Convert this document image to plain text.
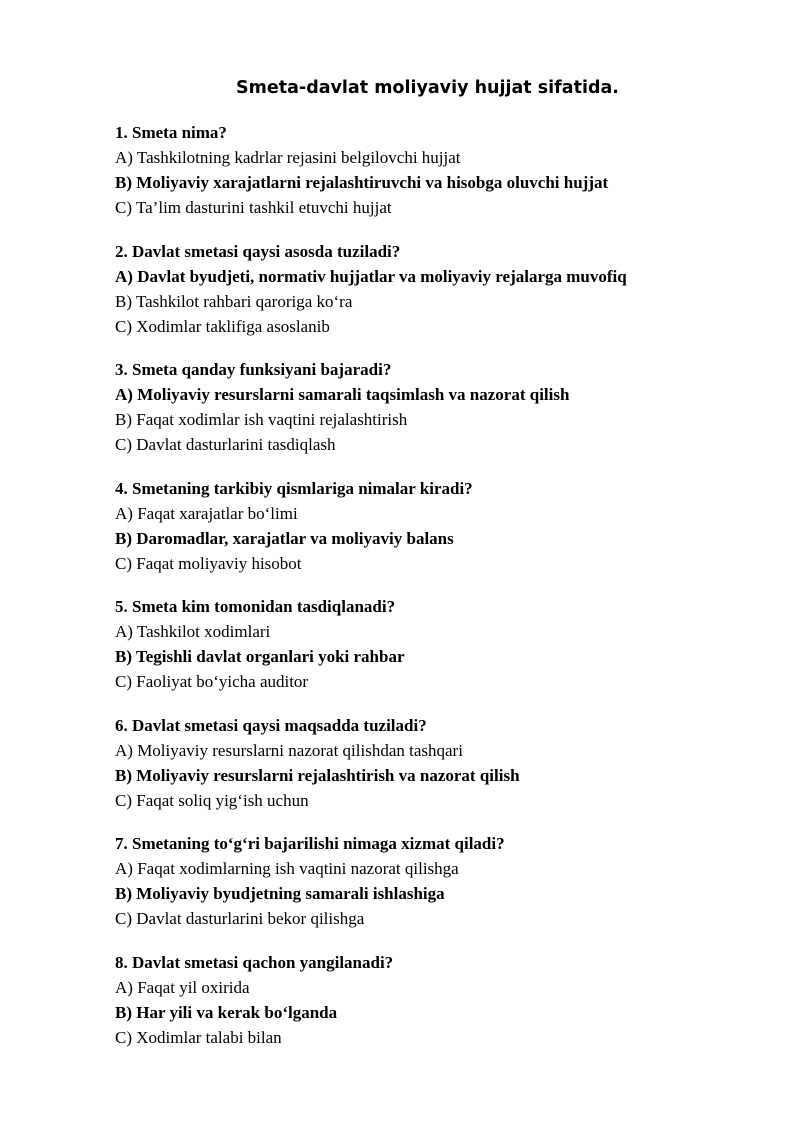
Smeta-davlat moliyaviy hujjat sifatida.
1. Smeta nima?
A) Tashkilotning kadrlar rejasini belgilovchi hujjat
B) Moliyaviy xarajatlarni rejalashtiruvchi va hisobga oluvchi hujjat
C) Ta’lim dasturini tashkil etuvchi hujjat
2. Davlat smetasi qaysi asosda tuziladi?
A) Davlat byudjeti, normativ hujjatlar va moliyaviy rejalarga muvofiq
B) Tashkilot rahbari qaroriga ko‘ra
C) Xodimlar taklifiga asoslanib
3. Smeta qanday funksiyani bajaradi?
A) Moliyaviy resurslarni samarali taqsimlash va nazorat qilish
B) Faqat xodimlar ish vaqtini rejalashtirish
C) Davlat dasturlarini tasdiqlash
4. Smetaning tarkibiy qismlariga nimalar kiradi?
A) Faqat xarajatlar bo‘limi
B) Daromadlar, xarajatlar va moliyaviy balans
C) Faqat moliyaviy hisobot
5. Smeta kim tomonidan tasdiqlanadi?
A) Tashkilot xodimlari
B) Tegishli davlat organlari yoki rahbar
C) Faoliyat bo‘yicha auditor
6. Davlat smetasi qaysi maqsadda tuziladi?
A) Moliyaviy resurslarni nazorat qilishdan tashqari
B) Moliyaviy resurslarni rejalashtirish va nazorat qilish
C) Faqat soliq yig‘ish uchun
7. Smetaning to‘g‘ri bajarilishi nimaga xizmat qiladi?
A) Faqat xodimlarning ish vaqtini nazorat qilishga
B) Moliyaviy byudjetning samarali ishlashiga
C) Davlat dasturlarini bekor qilishga
8. Davlat smetasi qachon yangilanadi?
A) Faqat yil oxirida
B) Har yili va kerak bo‘lganda
C) Xodimlar talabi bilan
